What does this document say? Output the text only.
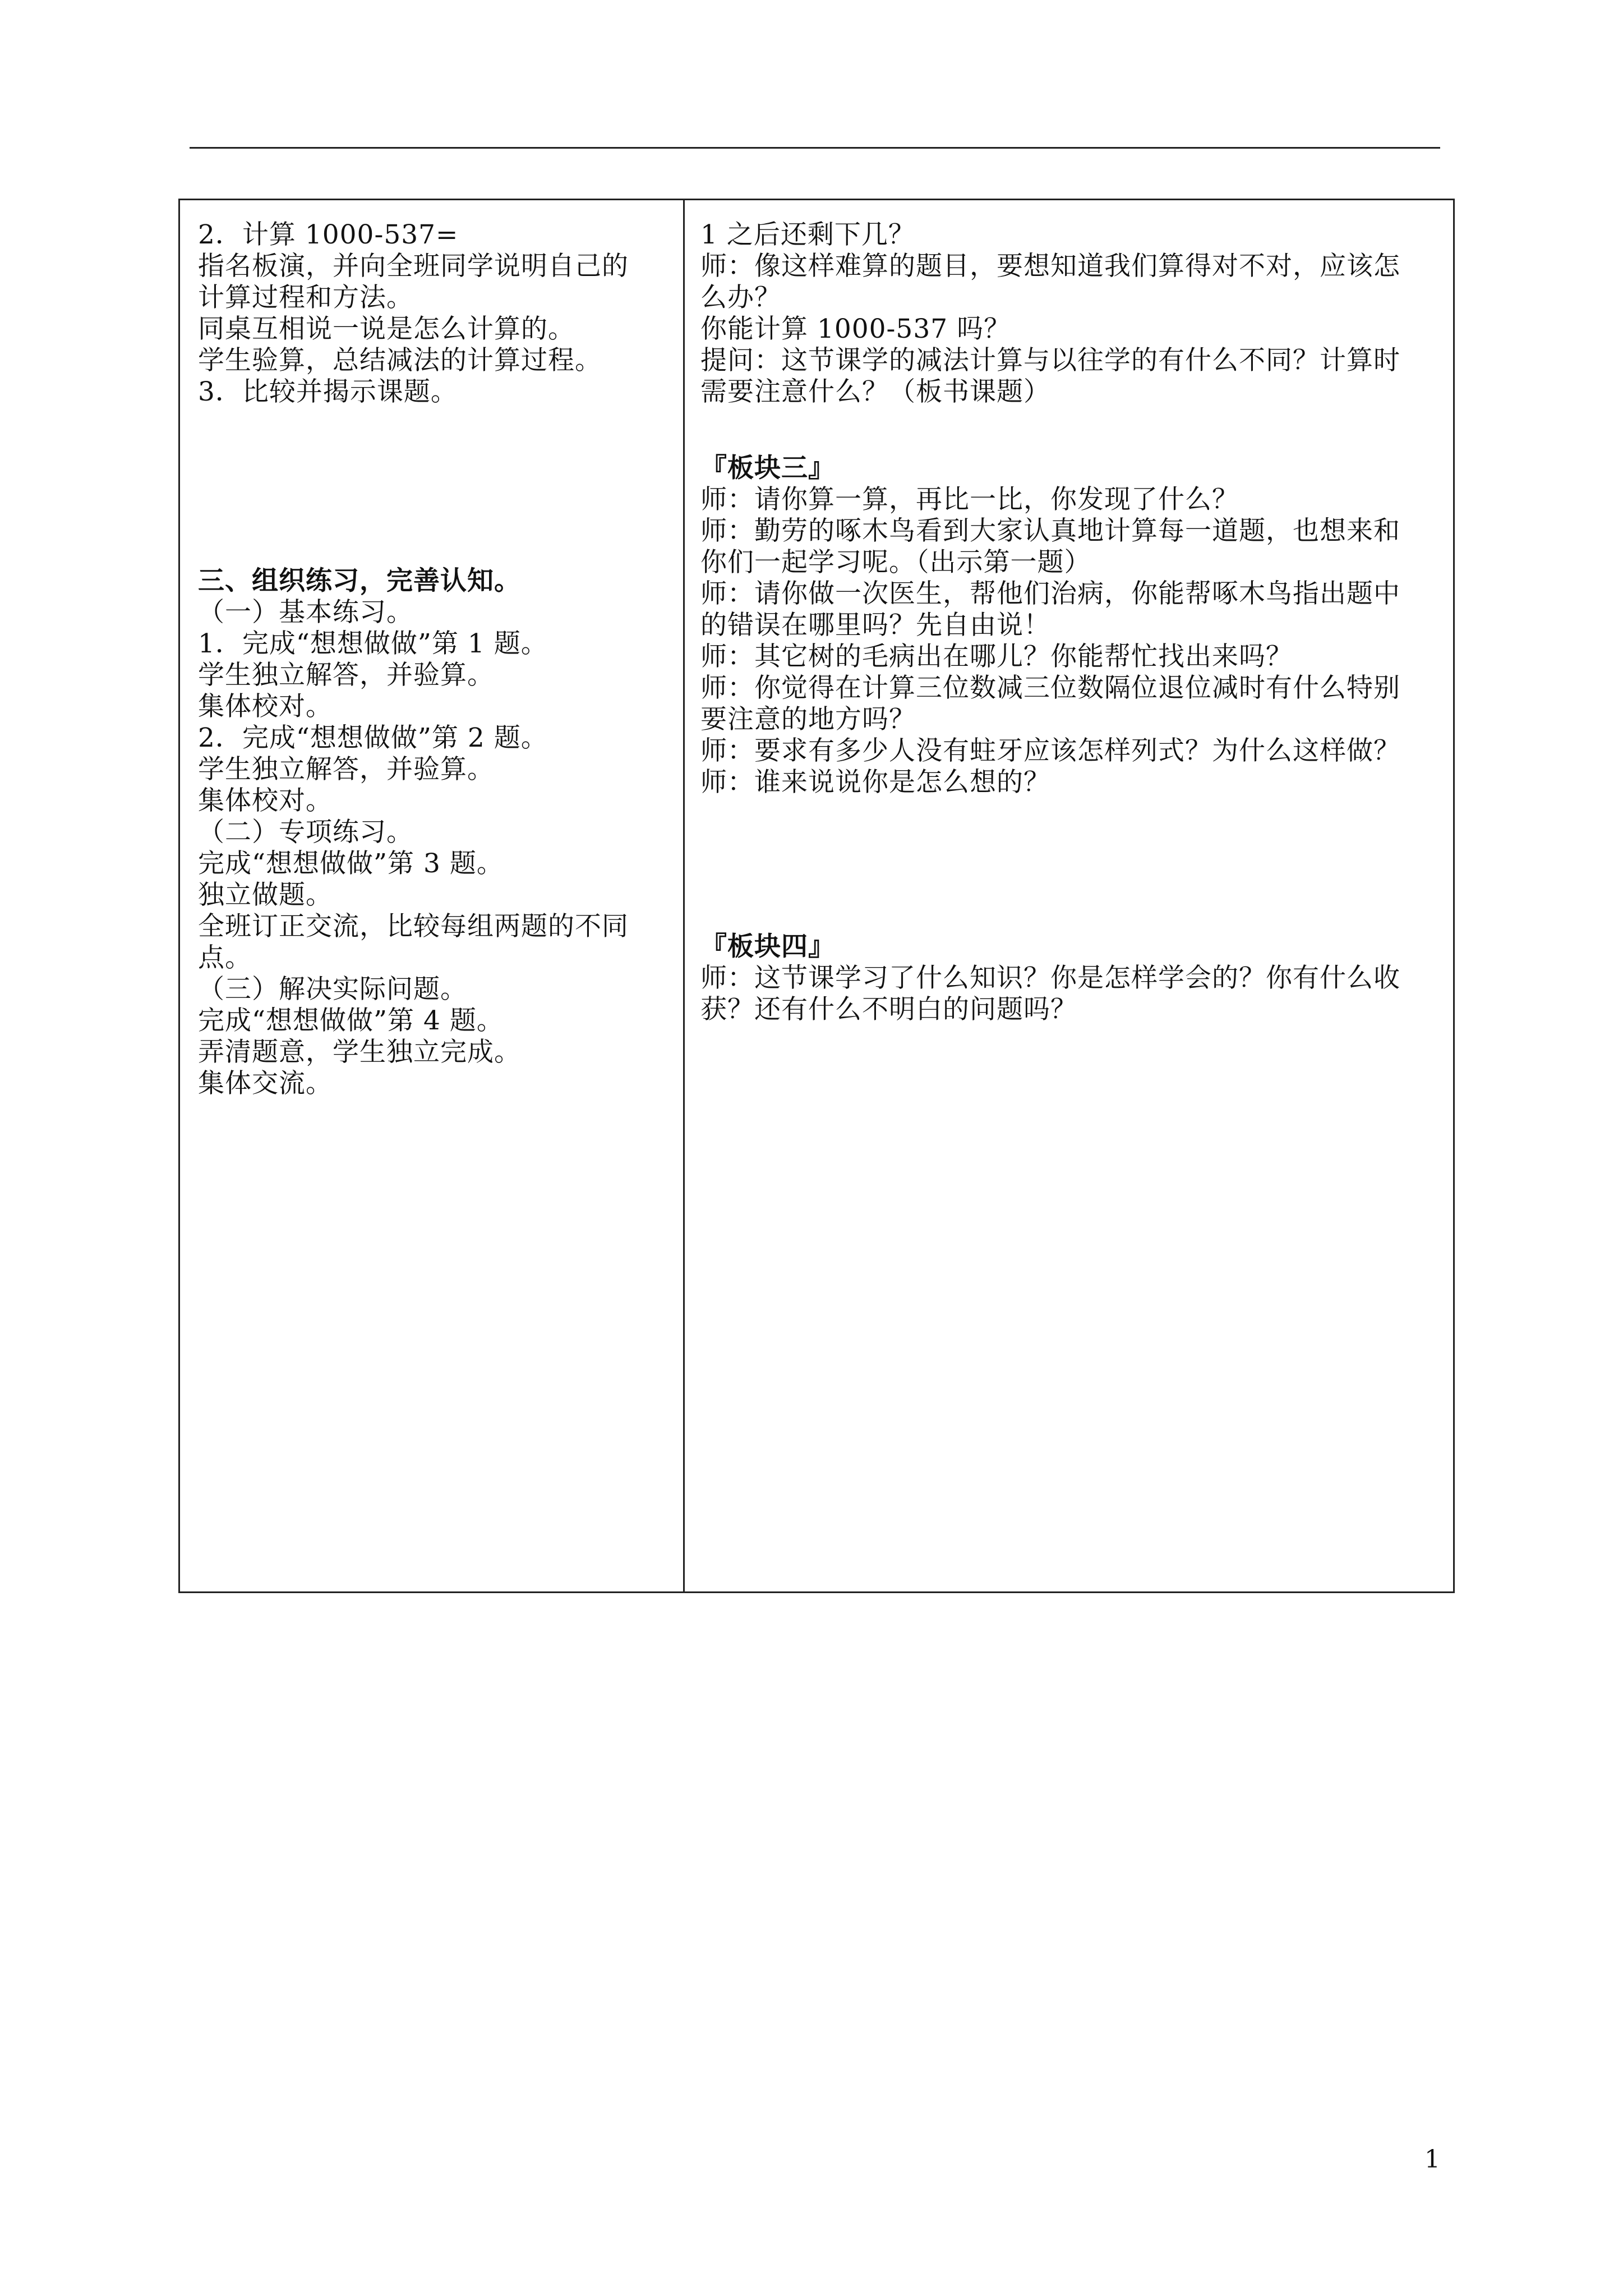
2．计算 1000-537=
指名板演，并向全班同学说明自己的
计算过程和方法。
同桌互相说一说是怎么计算的。
学生验算，总结减法的计算过程。
3．比较并揭示课题。
三、组织练习，完善认知。
（一）基本练习。
1．完成“想想做做”第 1 题。
学生独立解答，并验算。
集体校对。
2．完成“想想做做”第 2 题。
学生独立解答，并验算。
集体校对。
（二）专项练习。
完成“想想做做”第 3 题。
独立做题。
全班订正交流，比较每组两题的不同
点。
（三）解决实际问题。
完成“想想做做”第 4 题。
弄清题意，学生独立完成。
集体交流。
1 之后还剩下几？
师：像这样难算的题目，要想知道我们算得对不对，应该怎
么办？
你能计算 1000-537 吗？
提问：这节课学的减法计算与以往学的有什么不同？计算时
需要注意什么？（板书课题）
『板块三』
师：请你算一算，再比一比，你发现了什么？
师：勤劳的啄木鸟看到大家认真地计算每一道题，也想来和
你们一起学习呢。（出示第一题）
师：请你做一次医生，帮他们治病，你能帮啄木鸟指出题中
的错误在哪里吗？先自由说！
师：其它树的毛病出在哪儿？你能帮忙找出来吗？
师：你觉得在计算三位数减三位数隔位退位减时有什么特别
要注意的地方吗？
师：要求有多少人没有蛀牙应该怎样列式？为什么这样做？
师：谁来说说你是怎么想的？
『板块四』
师：这节课学习了什么知识？你是怎样学会的？你有什么收
获？还有什么不明白的问题吗？
1
